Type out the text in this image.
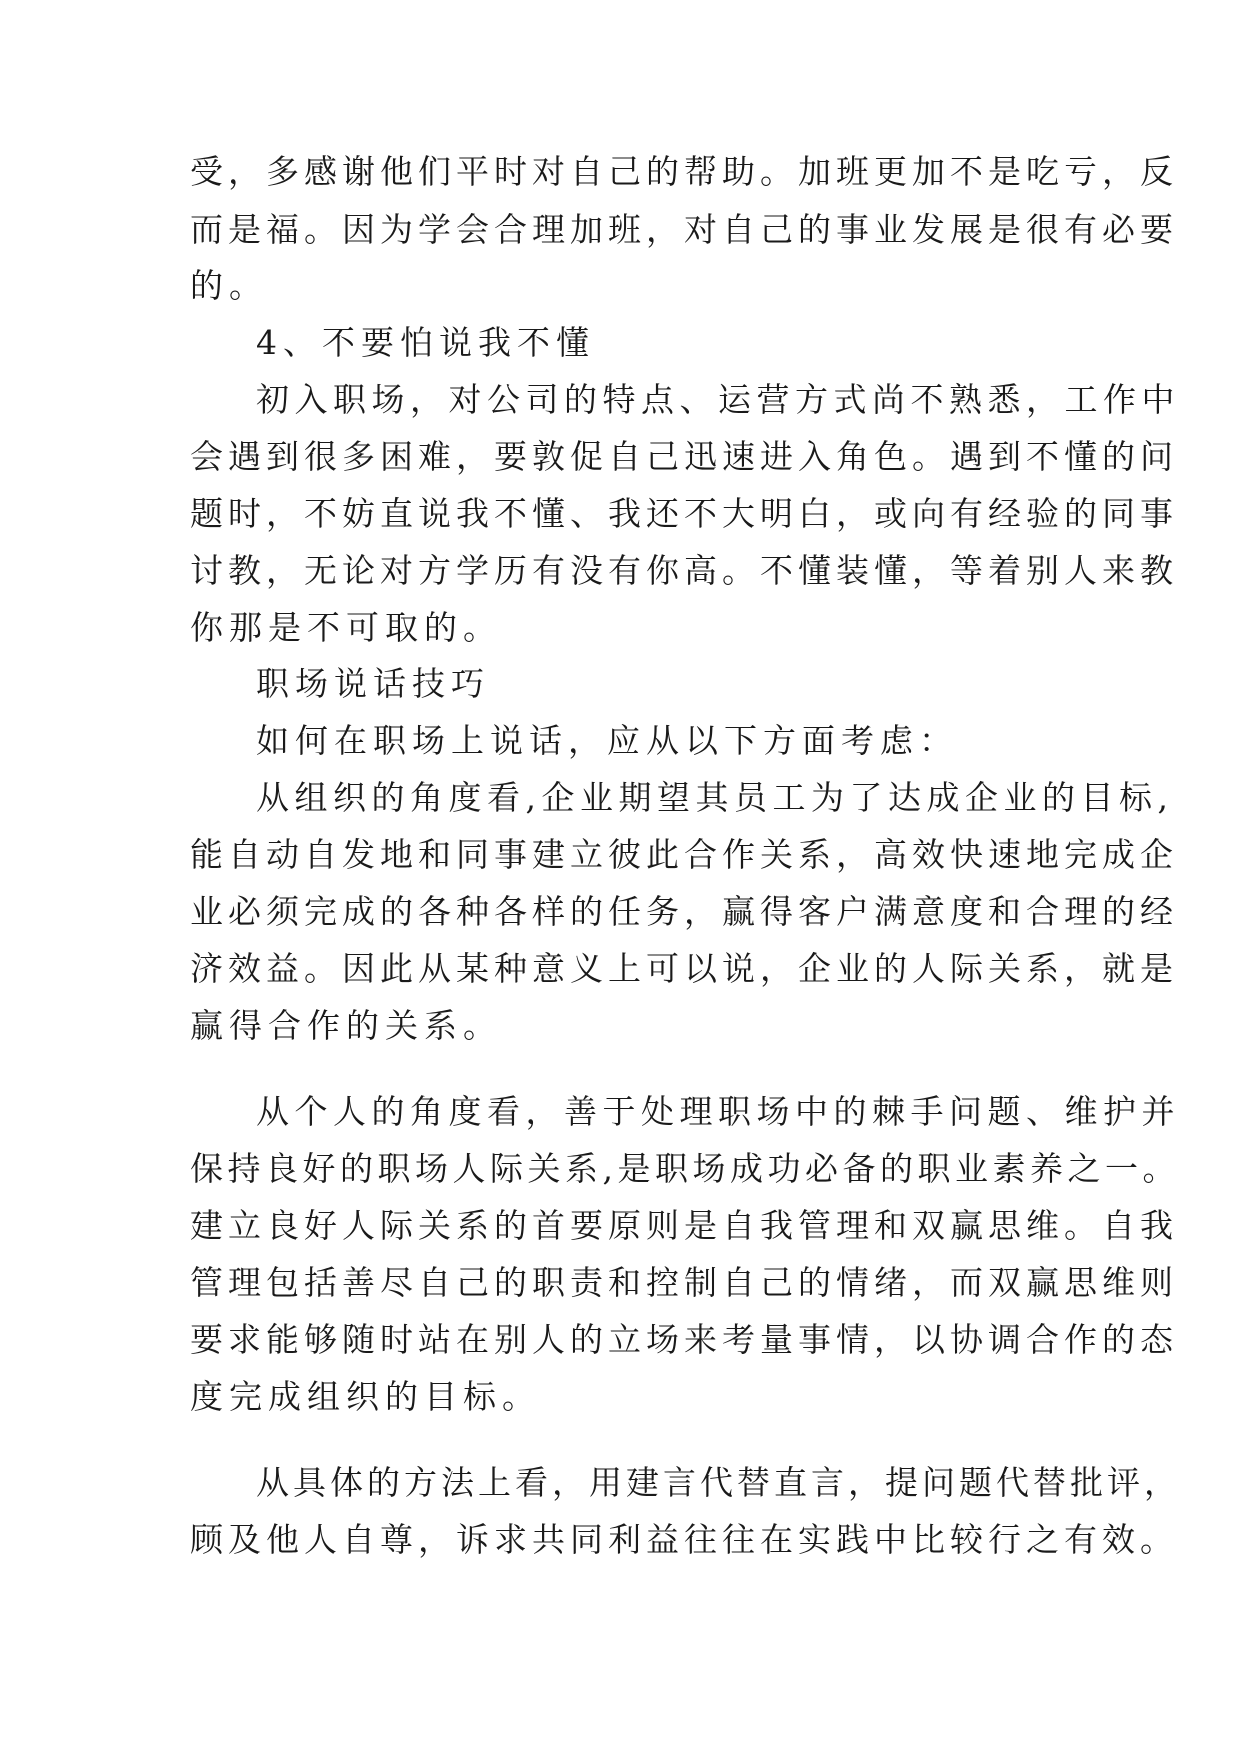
受，多感谢他们平时对自己的帮助。加班更加不是吃亏，反

而是福。因为学会合理加班，对自己的事业发展是很有必要

的。

4、不要怕说我不懂

初入职场，对公司的特点、运营方式尚不熟悉，工作中

会遇到很多困难，要敦促自己迅速进入角色。遇到不懂的问

题时，不妨直说我不懂、我还不大明白，或向有经验的同事

讨教，无论对方学历有没有你高。不懂装懂，等着别人来教

你那是不可取的。

职场说话技巧

如何在职场上说话，应从以下方面考虑：

从组织的角度看,企业期望其员工为了达成企业的目标,

能自动自发地和同事建立彼此合作关系，高效快速地完成企

业必须完成的各种各样的任务，赢得客户满意度和合理的经

济效益。因此从某种意义上可以说，企业的人际关系，就是

赢得合作的关系。

从个人的角度看，善于处理职场中的棘手问题、维护并

保持良好的职场人际关系,是职场成功必备的职业素养之一。

建立良好人际关系的首要原则是自我管理和双赢思维。自我

管理包括善尽自己的职责和控制自己的情绪，而双赢思维则

要求能够随时站在别人的立场来考量事情，以协调合作的态

度完成组织的目标。

从具体的方法上看，用建言代替直言，提问题代替批评，

顾及他人自尊，诉求共同利益往往在实践中比较行之有效。
